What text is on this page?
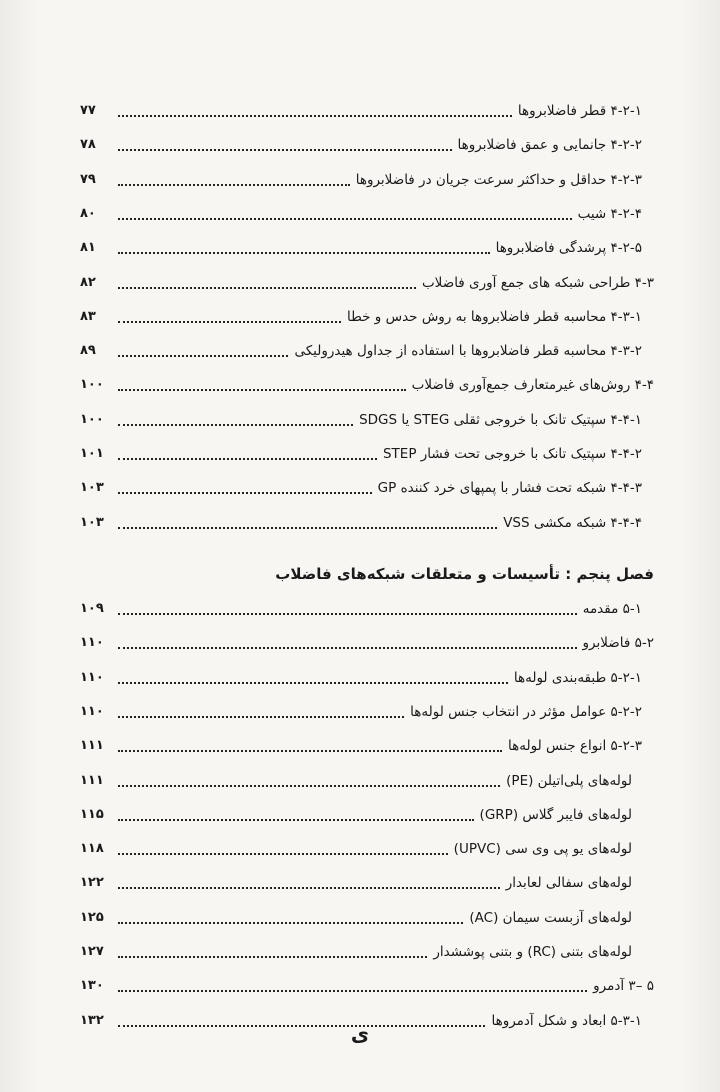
۴-۲-۱ قطر فاضلابروها
۷۷
۴-۲-۲ جانمایی و عمق فاضلابروها
۷۸
۴-۲-۳ حداقل و حداکثر سرعت جریان در فاضلابروها
۷۹
۴-۲-۴ شیب
۸۰
۴-۲-۵ پرشدگی فاضلابروها
۸۱
۴-۳ طراحی شبکه های جمع آوری فاضلاب
۸۲
۴-۳-۱ محاسبه قطر فاضلابروها به روش حدس و خطا
۸۳
۴-۳-۲ محاسبه قطر فاضلابروها با استفاده از جداول هیدرولیکی
۸۹
۴-۴ روش‌های غیرمتعارف جمع‌آوری فاضلاب
۱۰۰
۴-۴-۱ سپتیک تانک با خروجی ثقلی STEG یا SDGS
۱۰۰
۴-۴-۲ سپتیک تانک با خروجی تحت فشار STEP
۱۰۱
۴-۴-۳ شبکه تحت فشار با پمپهای خرد کننده GP
۱۰۳
۴-۴-۴ شبکه مکشی VSS
۱۰۳
فصل پنجم : تأسیسات و متعلقات شبکه‌های فاضلاب
۵-۱ مقدمه
۱۰۹
۵-۲ فاضلابرو
۱۱۰
۵-۲-۱ طبقه‌بندی لوله‌ها
۱۱۰
۵-۲-۲ عوامل مؤثر در انتخاب جنس لوله‌ها
۱۱۰
۵-۲-۳ انواع جنس لوله‌ها
۱۱۱
لوله‌های پلی‌اتیلن (PE)
۱۱۱
لوله‌های فایبر گلاس (GRP)
۱۱۵
لوله‌های یو پی وی سی (UPVC)
۱۱۸
لوله‌های سفالی لعابدار
۱۲۲
لوله‌های آزبست سیمان (AC)
۱۲۵
لوله‌های بتنی (RC) و بتنی پوششدار
۱۲۷
۵ –۳ آدمرو
۱۳۰
۵-۳-۱ ابعاد و شکل آدمروها
۱۳۲
ی
